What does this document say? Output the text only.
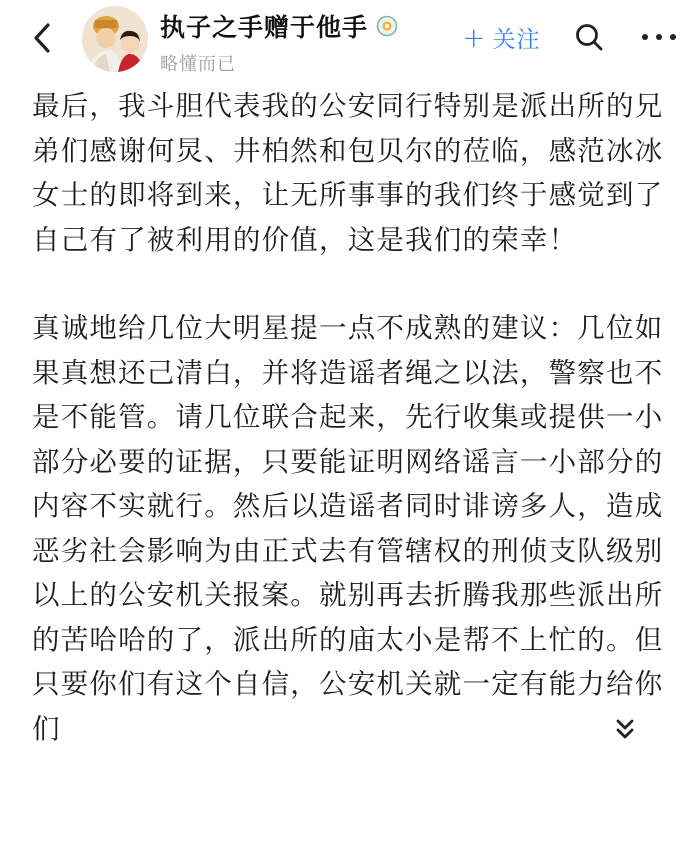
执子之手赠于他手
略懂而已
+ 关注

最后，我斗胆代表我的公安同行特别是派出所的兄弟们感谢何炅、井柏然和包贝尔的莅临，感范冰冰女士的即将到来，让无所事事的我们终于感觉到了自己有了被利用的价值，这是我们的荣幸！

真诚地给几位大明星提一点不成熟的建议：几位如果真想还己清白，并将造谣者绳之以法，警察也不是不能管。请几位联合起来，先行收集或提供一小部分必要的证据，只要能证明网络谣言一小部分的内容不实就行。然后以造谣者同时诽谤多人，造成恶劣社会影响为由正式去有管辖权的刑侦支队级别以上的公安机关报案。就别再去折腾我那些派出所的苦哈哈的了，派出所的庙太小是帮不上忙的。但只要你们有这个自信，公安机关就一定有能力给你们
